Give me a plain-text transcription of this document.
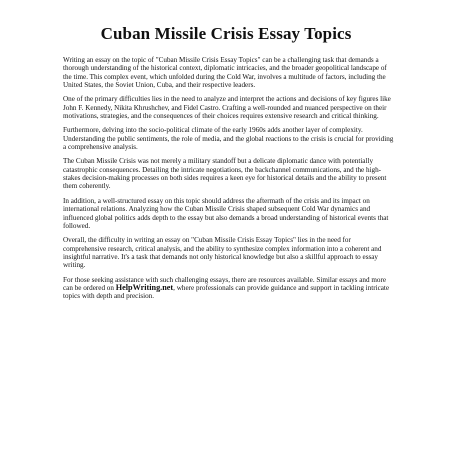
Cuban Missile Crisis Essay Topics

Writing an essay on the topic of "Cuban Missile Crisis Essay Topics" can be a challenging task that demands a thorough understanding of the historical context, diplomatic intricacies, and the broader geopolitical landscape of the time. This complex event, which unfolded during the Cold War, involves a multitude of factors, including the United States, the Soviet Union, Cuba, and their respective leaders.

One of the primary difficulties lies in the need to analyze and interpret the actions and decisions of key figures like John F. Kennedy, Nikita Khrushchev, and Fidel Castro. Crafting a well-rounded and nuanced perspective on their motivations, strategies, and the consequences of their choices requires extensive research and critical thinking.

Furthermore, delving into the socio-political climate of the early 1960s adds another layer of complexity. Understanding the public sentiments, the role of media, and the global reactions to the crisis is crucial for providing a comprehensive analysis.

The Cuban Missile Crisis was not merely a military standoff but a delicate diplomatic dance with potentially catastrophic consequences. Detailing the intricate negotiations, the backchannel communications, and the high-stakes decision-making processes on both sides requires a keen eye for historical details and the ability to present them coherently.

In addition, a well-structured essay on this topic should address the aftermath of the crisis and its impact on international relations. Analyzing how the Cuban Missile Crisis shaped subsequent Cold War dynamics and influenced global politics adds depth to the essay but also demands a broad understanding of historical events that followed.

Overall, the difficulty in writing an essay on "Cuban Missile Crisis Essay Topics" lies in the need for comprehensive research, critical analysis, and the ability to synthesize complex information into a coherent and insightful narrative. It's a task that demands not only historical knowledge but also a skillful approach to essay writing.

For those seeking assistance with such challenging essays, there are resources available. Similar essays and more can be ordered on HelpWriting.net, where professionals can provide guidance and support in tackling intricate topics with depth and precision.
